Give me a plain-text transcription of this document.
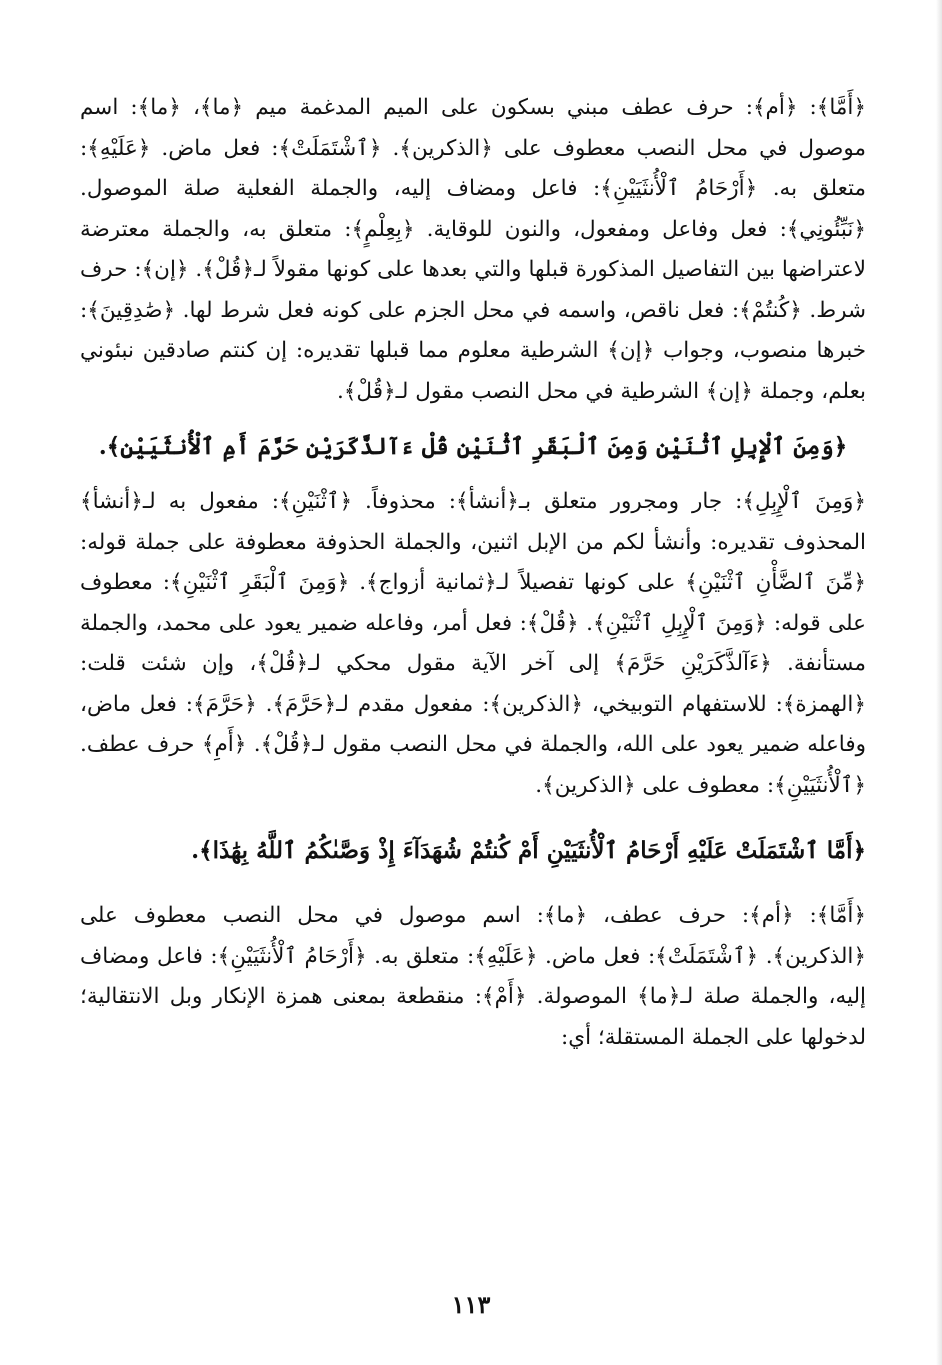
﴿أَمَّا﴾: ﴿أم﴾: حرف عطف مبني بسكون على الميم المدغمة ميم ﴿ما﴾، ﴿ما﴾: اسم موصول في محل النصب معطوف على ﴿الذكرين﴾. ﴿ٱشْتَمَلَتْ﴾: فعل ماض. ﴿عَلَيْهِ﴾: متعلق به. ﴿أَرْحَامُ ٱلْأُنثَيَيْنِ﴾: فاعل ومضاف إليه، والجملة الفعلية صلة الموصول. ﴿نَبِّئُونِي﴾: فعل وفاعل ومفعول، والنون للوقاية. ﴿بِعِلْمٍ﴾: متعلق به، والجملة معترضة لاعتراضها بين التفاصيل المذكورة قبلها والتي بعدها على كونها مقولاً لـ﴿قُلْ﴾. ﴿إن﴾: حرف شرط. ﴿كُنتُمْ﴾: فعل ناقص، واسمه في محل الجزم على كونه فعل شرط لها. ﴿صَٰدِقِينَ﴾: خبرها منصوب، وجواب ﴿إن﴾ الشرطية معلوم مما قبلها تقديره: إن كنتم صادقين نبئوني بعلم، وجملة ﴿إن﴾ الشرطية في محل النصب مقول لـ﴿قُلْ﴾.

﴿وَمِنَ ٱلْإِبِلِ ٱثْنَيْنِ وَمِنَ ٱلْبَقَرِ ٱثْنَيْنِ قُلْ ءَآلذَّكَرَيْنِ حَرَّمَ أَمِ ٱلْأُنثَيَيْنِ﴾.

﴿وَمِنَ ٱلْإِبِلِ﴾: جار ومجرور متعلق بـ﴿أنشأ﴾: محذوفاً. ﴿ٱثْنَيْنِ﴾: مفعول به لـ﴿أنشأ﴾ المحذوف تقديره: وأنشأ لكم من الإبل اثنين، والجملة الحذوفة معطوفة على جملة قوله: ﴿مِّنَ ٱلضَّأْنِ ٱثْنَيْنِ﴾ على كونها تفصيلاً لـ﴿ثمانية أزواج﴾. ﴿وَمِنَ ٱلْبَقَرِ ٱثْنَيْنِ﴾: معطوف على قوله: ﴿وَمِنَ ٱلْإِبِلِ ٱثْنَيْنِ﴾. ﴿قُلْ﴾: فعل أمر، وفاعله ضمير يعود على محمد، والجملة مستأنفة. ﴿ءَآلذَّكَرَيْنِ حَرَّمَ﴾ إلى آخر الآية مقول محكي لـ﴿قُلْ﴾، وإن شئت قلت: ﴿الهمزة﴾: للاستفهام التوبيخي، ﴿الذكرين﴾: مفعول مقدم لـ﴿حَرَّمَ﴾. ﴿حَرَّمَ﴾: فعل ماض، وفاعله ضمير يعود على الله، والجملة في محل النصب مقول لـ﴿قُلْ﴾. ﴿أَمِ﴾ حرف عطف. ﴿ٱلْأُنثَيَيْنِ﴾: معطوف على ﴿الذكرين﴾.

﴿أَمَّا ٱشْتَمَلَتْ عَلَيْهِ أَرْحَامُ ٱلْأُنثَيَيْنِ أَمْ كُنتُمْ شُهَدَآءَ إِذْ وَصَّىٰكُمُ ٱللَّهُ بِهَٰذَا﴾.

﴿أَمَّا﴾: ﴿أم﴾: حرف عطف، ﴿ما﴾: اسم موصول في محل النصب معطوف على ﴿الذكرين﴾. ﴿ٱشْتَمَلَتْ﴾: فعل ماض. ﴿عَلَيْهِ﴾: متعلق به. ﴿أَرْحَامُ ٱلْأُنثَيَيْنِ﴾: فاعل ومضاف إليه، والجملة صلة لـ﴿ما﴾ الموصولة. ﴿أَمْ﴾: منقطعة بمعنى همزة الإنكار وبل الانتقالية؛ لدخولها على الجملة المستقلة؛ أي:

١١٣
